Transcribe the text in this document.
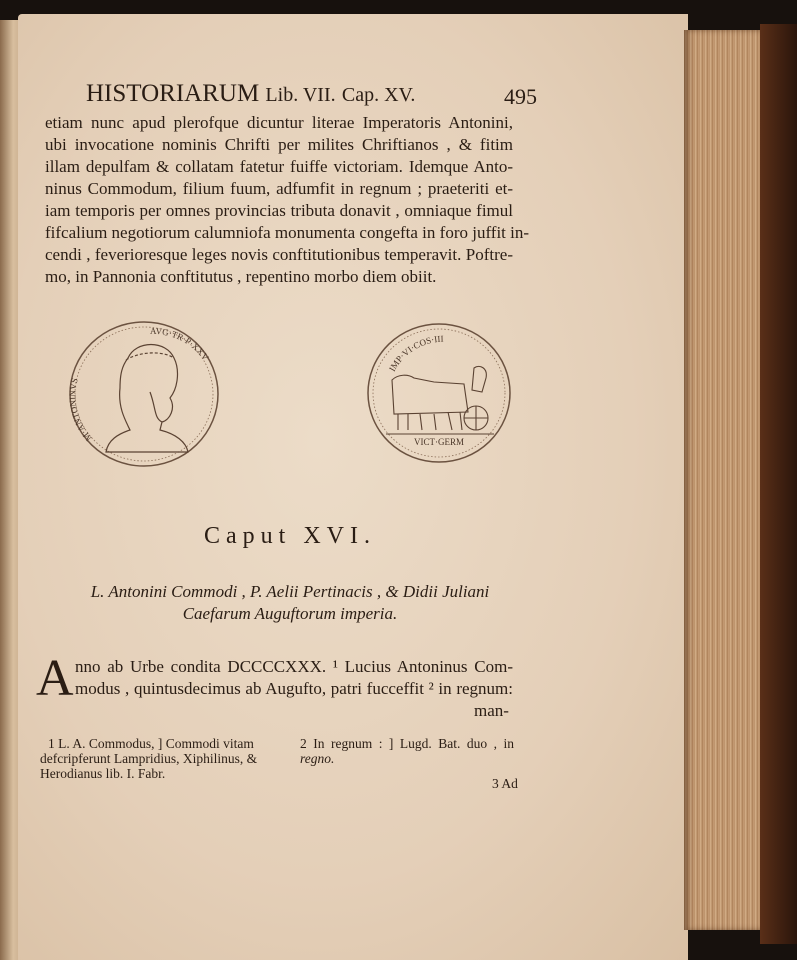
HISTORIARUM Lib. VII. Cap. XV.	495
etiam nunc apud plerofque dicuntur literae Imperatoris Antonini,
ubi invocatione nominis Chrifti per milites Chriftianos , & fitim
illam depulfam & collatam fatetur fuiffe victoriam. Idemque Anto-
ninus Commodum, filium fuum, adfumfit in regnum ; praeteriti et-
iam temporis per omnes provincias tributa donavit , omniaque fimul
fifcalium negotiorum calumniofa monumenta congefta in foro juffit in-
cendi , feverioresque leges novis conftitutionibus temperavit. Poftre-
mo, in Pannonia conftitutus , repentino morbo diem obiit.
M·ANTONINVS
AVG·TR·P·XXV
IMP·VI·COS·III
VICT·GERM
Caput XVI.
L. Antonini Commodi , P. Aelii Pertinacis , & Didii Juliani
Caefarum Auguftorum imperia.
A nno ab Urbe condita DCCCCXXX. ¹ Lucius Antoninus Com-
modus , quintusdecimus ab Augufto, patri fucceffit ² in regnum:
man-
1 L. A. Commodus, ] Commodi vitam
defcripferunt Lampridius, Xiphilinus, &
Herodianus lib. I. Fabr.
2 In regnum : ] Lugd. Bat. duo , in
regno.
3 Ad
